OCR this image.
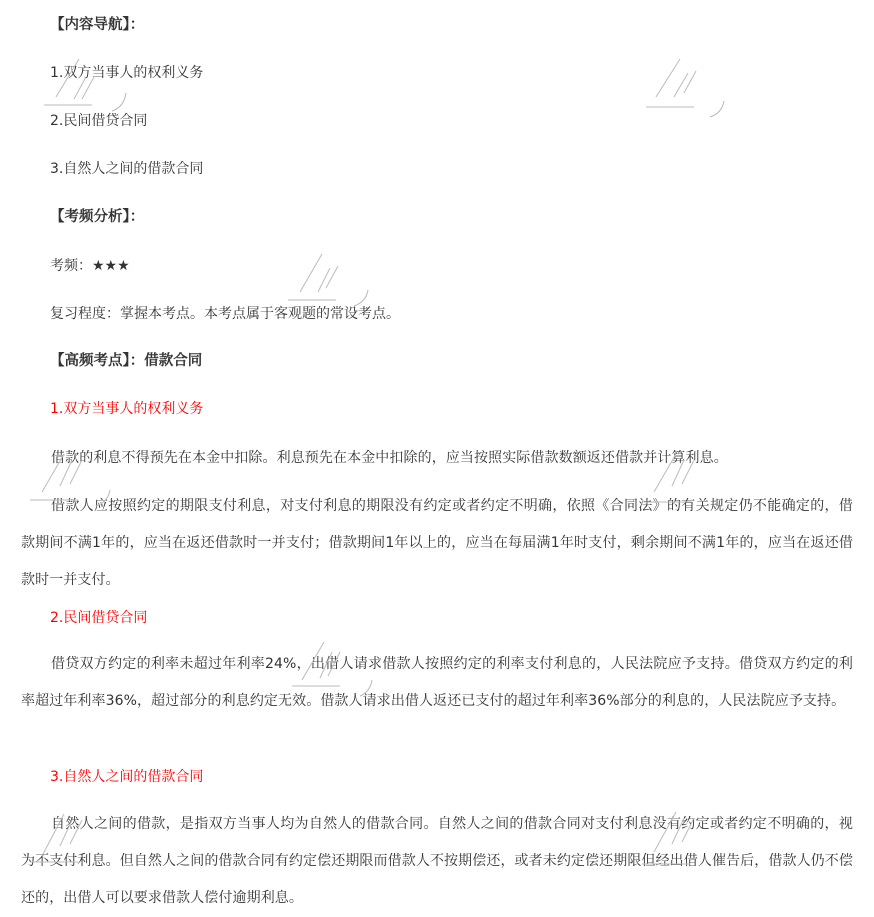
【内容导航】：
1.双方当事人的权利义务
2.民间借贷合同
3.自然人之间的借款合同
【考频分析】：
考频：★★★
复习程度：掌握本考点。本考点属于客观题的常设考点。
【高频考点】：借款合同
1.双方当事人的权利义务
借款的利息不得预先在本金中扣除。利息预先在本金中扣除的，应当按照实际借款数额返还借款并计算利息。
借款人应按照约定的期限支付利息，对支付利息的期限没有约定或者约定不明确，依照《合同法》的有关规定仍不能确定的，借款期间不满1年的，应当在返还借款时一并支付；借款期间1年以上的，应当在每届满1年时支付，剩余期间不满1年的，应当在返还借款时一并支付。
2.民间借贷合同
借贷双方约定的利率未超过年利率24%，出借人请求借款人按照约定的利率支付利息的，人民法院应予支持。借贷双方约定的利率超过年利率36%，超过部分的利息约定无效。借款人请求出借人返还已支付的超过年利率36%部分的利息的，人民法院应予支持。
3.自然人之间的借款合同
自然人之间的借款，是指双方当事人均为自然人的借款合同。自然人之间的借款合同对支付利息没有约定或者约定不明确的，视为不支付利息。但自然人之间的借款合同有约定偿还期限而借款人不按期偿还，或者未约定偿还期限但经出借人催告后，借款人仍不偿还的，出借人可以要求借款人偿付逾期利息。
